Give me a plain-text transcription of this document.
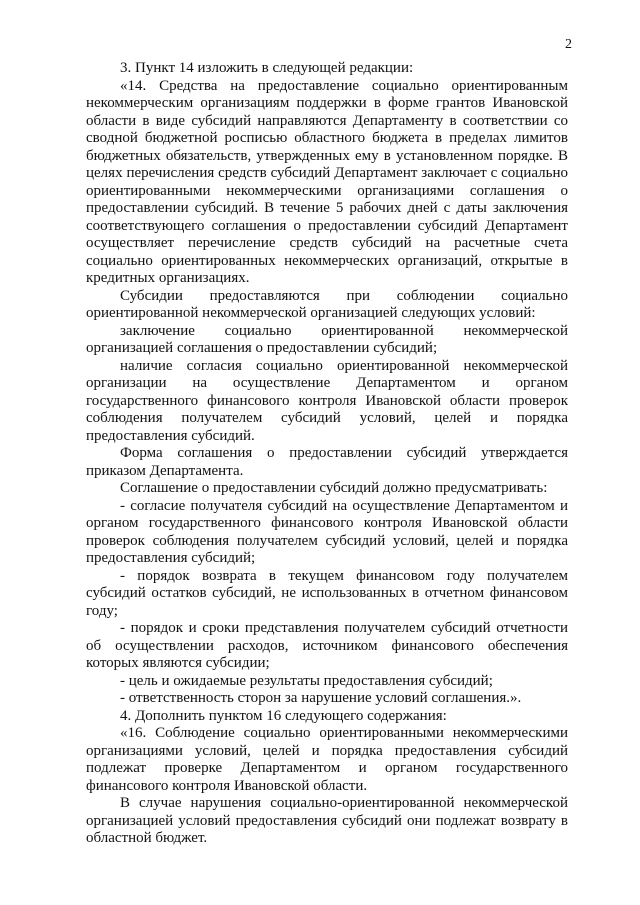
2

3. Пункт 14 изложить в следующей редакции:

«14. Средства на предоставление социально ориентированным некоммерческим организациям поддержки в форме грантов Ивановской области в виде субсидий направляются Департаменту в соответствии со сводной бюджетной росписью областного бюджета в пределах лимитов бюджетных обязательств, утвержденных ему в установленном порядке. В целях перечисления средств субсидий Департамент заключает с социально ориентированными некоммерческими организациями соглашения о предоставлении субсидий. В течение 5 рабочих дней с даты заключения соответствующего соглашения о предоставлении субсидий Департамент осуществляет перечисление средств субсидий на расчетные счета социально ориентированных некоммерческих организаций, открытые в кредитных организациях.

Субсидии предоставляются при соблюдении социально ориентированной некоммерческой организацией следующих условий:

заключение социально ориентированной некоммерческой организацией соглашения о предоставлении субсидий;

наличие согласия социально ориентированной некоммерческой организации на осуществление Департаментом и органом государственного финансового контроля Ивановской области проверок соблюдения получателем субсидий условий, целей и порядка предоставления субсидий.

Форма соглашения о предоставлении субсидий утверждается приказом Департамента.

Соглашение о предоставлении субсидий должно предусматривать:

- согласие получателя субсидий на осуществление Департаментом и органом государственного финансового контроля Ивановской области проверок соблюдения получателем субсидий условий, целей и порядка предоставления субсидий;

- порядок возврата в текущем финансовом году получателем субсидий остатков субсидий, не использованных в отчетном финансовом году;

- порядок и сроки представления получателем субсидий отчетности об осуществлении расходов, источником финансового обеспечения которых являются субсидии;

- цель и ожидаемые результаты предоставления субсидий;

- ответственность сторон за нарушение условий соглашения.».

4. Дополнить пунктом 16 следующего содержания:

«16. Соблюдение социально ориентированными некоммерческими организациями условий, целей и порядка предоставления субсидий подлежат проверке Департаментом и органом государственного финансового контроля Ивановской области.

В случае нарушения социально-ориентированной некоммерческой организацией условий предоставления субсидий они подлежат возврату в областной бюджет.
